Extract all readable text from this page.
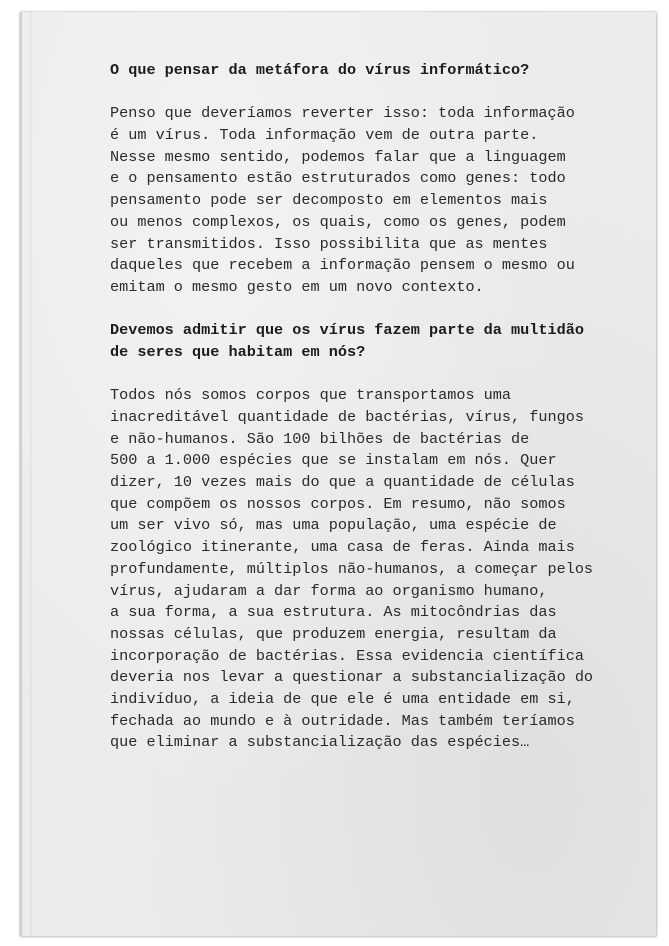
O que pensar da metáfora do vírus informático?
Penso que deveríamos reverter isso: toda informação
é um vírus. Toda informação vem de outra parte.
Nesse mesmo sentido, podemos falar que a linguagem
e o pensamento estão estruturados como genes: todo
pensamento pode ser decomposto em elementos mais
ou menos complexos, os quais, como os genes, podem
ser transmitidos. Isso possibilita que as mentes
daqueles que recebem a informação pensem o mesmo ou
emitam o mesmo gesto em um novo contexto.
Devemos admitir que os vírus fazem parte da multidão
de seres que habitam em nós?
Todos nós somos corpos que transportamos uma
inacreditável quantidade de bactérias, vírus, fungos
e não-humanos. São 100 bilhões de bactérias de
500 a 1.000 espécies que se instalam em nós. Quer
dizer, 10 vezes mais do que a quantidade de células
que compõem os nossos corpos. Em resumo, não somos
um ser vivo só, mas uma população, uma espécie de
zoológico itinerante, uma casa de feras. Ainda mais
profundamente, múltiplos não-humanos, a começar pelos
vírus, ajudaram a dar forma ao organismo humano,
a sua forma, a sua estrutura. As mitocôndrias das
nossas células, que produzem energia, resultam da
incorporação de bactérias. Essa evidencia científica
deveria nos levar a questionar a substancialização do
indivíduo, a ideia de que ele é uma entidade em si,
fechada ao mundo e à outridade. Mas também teríamos
que eliminar a substancialização das espécies…
